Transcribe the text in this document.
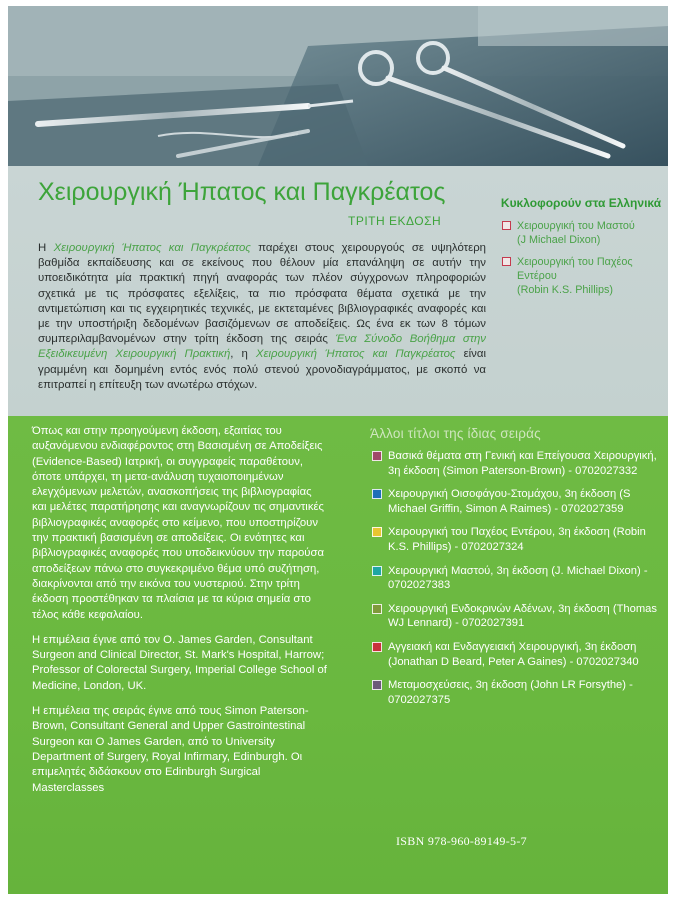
Χειρουργική Ήπατος και Παγκρέατος
ΤΡΙΤΗ ΕΚΔΟΣΗ
Η Χειρουργική Ήπατος και Παγκρέατος παρέχει στους χειρουργούς σε υψηλότερη βαθμίδα εκπαίδευσης και σε εκείνους που θέλουν μία επανάληψη σε αυτήν την υποειδικότητα μία πρακτική πηγή αναφοράς των πλέον σύγχρονων πληροφοριών σχετικά με τις πρόσφατες εξελίξεις, τα πιο πρόσφατα θέματα σχετικά με την αντιμετώπιση και τις εγχειρητικές τεχνικές, με εκτεταμένες βιβλιογραφικές αναφορές και με την υποστήριξη δεδομένων βασιζόμενων σε αποδείξεις. Ως ένα εκ των 8 τόμων συμπεριλαμβανομένων στην τρίτη έκδοση της σειράς Ένα Σύνοδο Βοήθημα στην Εξειδικευμένη Χειρουργική Πρακτική, η Χειρουργική Ήπατος και Παγκρέατος είναι γραμμένη και δομημένη εντός ενός πολύ στενού χρονοδιαγράμματος, με σκοπό να επιτραπεί η επίτευξη των ανωτέρω στόχων.
Κυκλοφορούν στα Ελληνικά
Χειρουργική του Μαστού
(J Michael Dixon)
Χειρουργική του Παχέος Εντέρου
(Robin K.S. Phillips)

Όπως και στην προηγούμενη έκδοση, εξαιτίας του αυξανόμενου ενδιαφέροντος στη Βασισμένη σε Αποδείξεις (Evidence-Based) Ιατρική, οι συγγραφείς παραθέτουν, όποτε υπάρχει, τη μετα-ανάλυση τυχαιοποιημένων ελεγχόμενων μελετών, ανασκοπήσεις της βιβλιογραφίας και μελέτες παρατήρησης και αναγνωρίζουν τις σημαντικές βιβλιογραφικές αναφορές στο κείμενο, που υποστηρίζουν την πρακτική βασισμένη σε αποδείξεις. Οι ενότητες και βιβλιογραφικές αναφορές που υποδεικνύουν την παρούσα αποδείξεων πάνω στο συγκεκριμένο θέμα υπό συζήτηση, διακρίνονται από την εικόνα του νυστεριού. Στην τρίτη έκδοση προστέθηκαν τα πλαίσια με τα κύρια σημεία στο τέλος κάθε κεφαλαίου.

Η επιμέλεια έγινε από τον O. James Garden, Consultant Surgeon and Clinical Director, St. Mark's Hospital, Harrow; Professor of Colorectal Surgery, Imperial College School of Medicine, London, UK.

Η επιμέλεια της σειράς έγινε από τους Simon Paterson-Brown, Consultant General and Upper Gastrointestinal Surgeon και O James Garden, από το University Department of Surgery, Royal Infirmary, Edinburgh. Οι επιμελητές διδάσκουν στο Edinburgh Surgical Masterclasses

Άλλοι τίτλοι της ίδιας σειράς
Βασικά θέματα στη Γενική και Επείγουσα Χειρουργική, 3η έκδοση (Simon Paterson-Brown) - 0702027332
Χειρουργική Οισοφάγου-Στομάχου, 3η έκδοση (S Michael Griffin, Simon A Raimes) - 0702027359
Χειρουργική του Παχέος Εντέρου, 3η έκδοση (Robin K.S. Phillips) - 0702027324
Χειρουργική Μαστού, 3η έκδοση (J. Michael Dixon) - 0702027383
Χειρουργική Ενδοκρινών Αδένων, 3η έκδοση (Thomas WJ Lennard) - 0702027391
Αγγειακή και Ενδαγγειακή Χειρουργική, 3η έκδοση (Jonathan D Beard, Peter A Gaines) - 0702027340
Μεταμοσχεύσεις, 3η έκδοση (John LR Forsythe) - 0702027375
ISBN 978-960-89149-5-7
